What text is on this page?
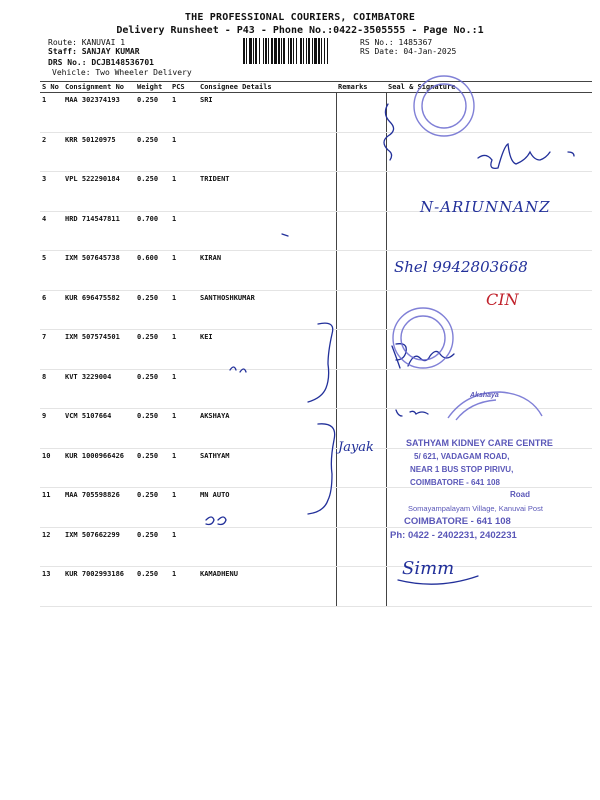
THE PROFESSIONAL COURIERS, COIMBATORE
Delivery Runsheet - P43 - Phone No.:0422-3505555 - Page No.:1
Route: KANUVAI 1
Staff: SANJAY KUMAR
DRS No.: DCJB148536701
Vehicle: Two Wheeler Delivery
RS No.: 1485367
RS Date: 04-Jan-2025
S No	Consignment No	Weight	PCS	Consignee Details	Remarks	Seal & Signature
1	MAA 302374193	0.250	1	SRI		
2	KRR 50120975	0.250	1			
3	VPL 522290184	0.250	1	TRIDENT		
4	HRD 714547811	0.700	1			
5	IXM 507645738	0.600	1	KIRAN		
6	KUR 696475582	0.250	1	SANTHOSHKUMAR		
7	IXM 507574501	0.250	1	KEI		
8	KVT 3229004	0.250	1			
9	VCM 5107664	0.250	1	AKSHAYA		
10	KUR 1000966426	0.250	1	SATHYAM		
11	MAA 705598826	0.250	1	MN AUTO		
12	IXM 507662299	0.250	1			
13	KUR 7002993186	0.250	1	KAMADHENU		
N-ARIUNNANZ
Shel 9942803668
CIN
Jayak
Simm
SATHYAM KIDNEY CARE CENTRE
5/ 621, VADAGAM ROAD,
NEAR 1 BUS STOP PIRIVU,
COIMBATORE - 641 108
Road
Somayampalayam Village, Kanuvai Post
COIMBATORE - 641 108
Ph: 0422 - 2402231, 2402231
Akshaya
